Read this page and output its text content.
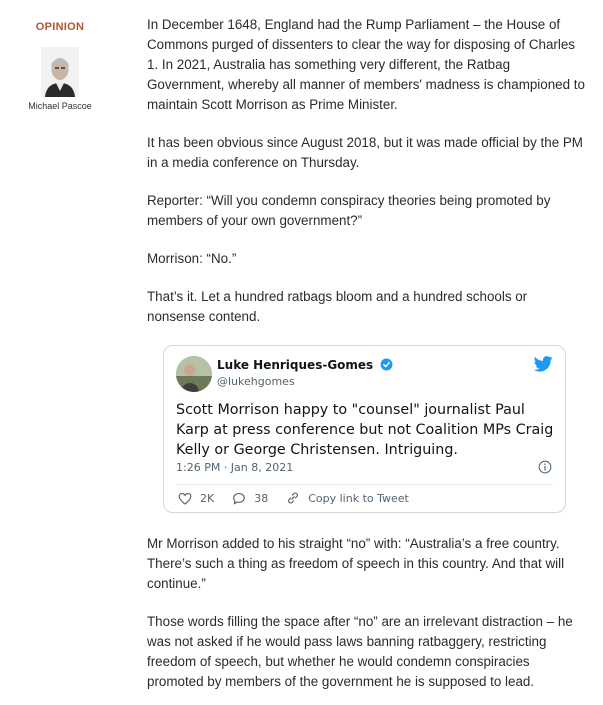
OPINION
Michael Pascoe

In December 1648, England had the Rump Parliament – the House of Commons purged of dissenters to clear the way for disposing of Charles 1. In 2021, Australia has something very different, the Ratbag Government, whereby all manner of members' madness is championed to maintain Scott Morrison as Prime Minister.

It has been obvious since August 2018, but it was made official by the PM in a media conference on Thursday.

Reporter: “Will you condemn conspiracy theories being promoted by members of your own government?”

Morrison: “No.”

That’s it. Let a hundred ratbags bloom and a hundred schools or nonsense contend.

Mr Morrison added to his straight “no” with: “Australia’s a free country. There’s such a thing as freedom of speech in this country. And that will continue.”

Those words filling the space after “no” are an irrelevant distraction – he was not asked if he would pass laws banning ratbaggery, restricting freedom of speech, but whether he would condemn conspiracies promoted by members of the government he is supposed to lead.

Luke Henriques-Gomes
@lukehgomes
Scott Morrison happy to "counsel" journalist Paul Karp at press conference but not Coalition MPs Craig Kelly or George Christensen. Intriguing.
1:26 PM · Jan 8, 2021
2K	38	Copy link to Tweet
